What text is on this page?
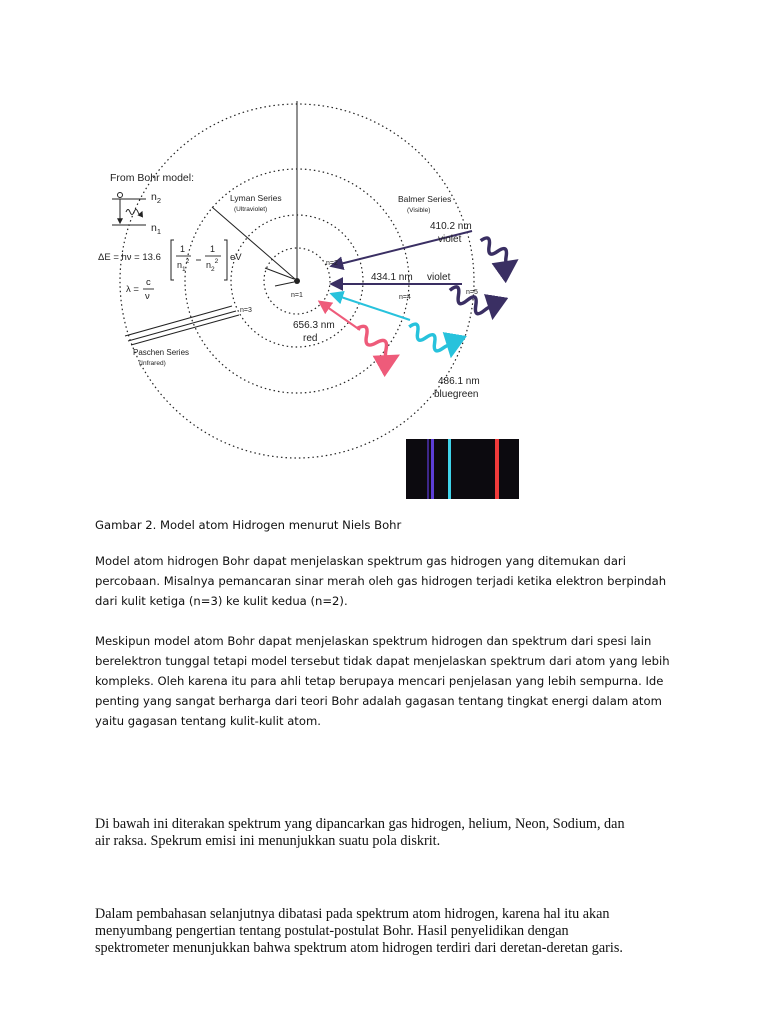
From Bohr model:
$n_2$
$n_1$
ΔE = hν = 13.6
1
$n_1^2$
1
$n_2^2$ eV
λ =
c
ν
Lyman Series
(Ultraviolet)
Balmer Series
(Visible)
Paschen Series
(Infrared)
n=1
n=2
n=3
n=4
n=5
410.2 nm
violet
434.1 nm violet
486.1 nm
bluegreen
656.3 nm
red
Gambar 2. Model atom Hidrogen menurut Niels Bohr
Model atom hidrogen Bohr dapat menjelaskan spektrum gas hidrogen yang ditemukan dari
percobaan. Misalnya pemancaran sinar merah oleh gas hidrogen terjadi ketika elektron berpindah
dari kulit ketiga (n=3) ke kulit kedua (n=2).
Meskipun model atom Bohr dapat menjelaskan spektrum hidrogen dan spektrum dari spesi lain
berelektron tunggal tetapi model tersebut tidak dapat menjelaskan spektrum dari atom yang lebih
kompleks. Oleh karena itu para ahli tetap berupaya mencari penjelasan yang lebih sempurna. Ide
penting yang sangat berharga dari teori Bohr adalah gagasan tentang tingkat energi dalam atom
yaitu gagasan tentang kulit-kulit atom.
Di bawah ini diterakan spektrum yang dipancarkan gas hidrogen, helium, Neon, Sodium, dan
air raksa. Spekrum emisi ini menunjukkan suatu pola diskrit.
Dalam pembahasan selanjutnya dibatasi pada spektrum atom hidrogen, karena hal itu akan
menyumbang pengertian tentang postulat-postulat Bohr. Hasil penyelidikan dengan
spektrometer menunjukkan bahwa spektrum atom hidrogen terdiri dari deretan-deretan garis.
